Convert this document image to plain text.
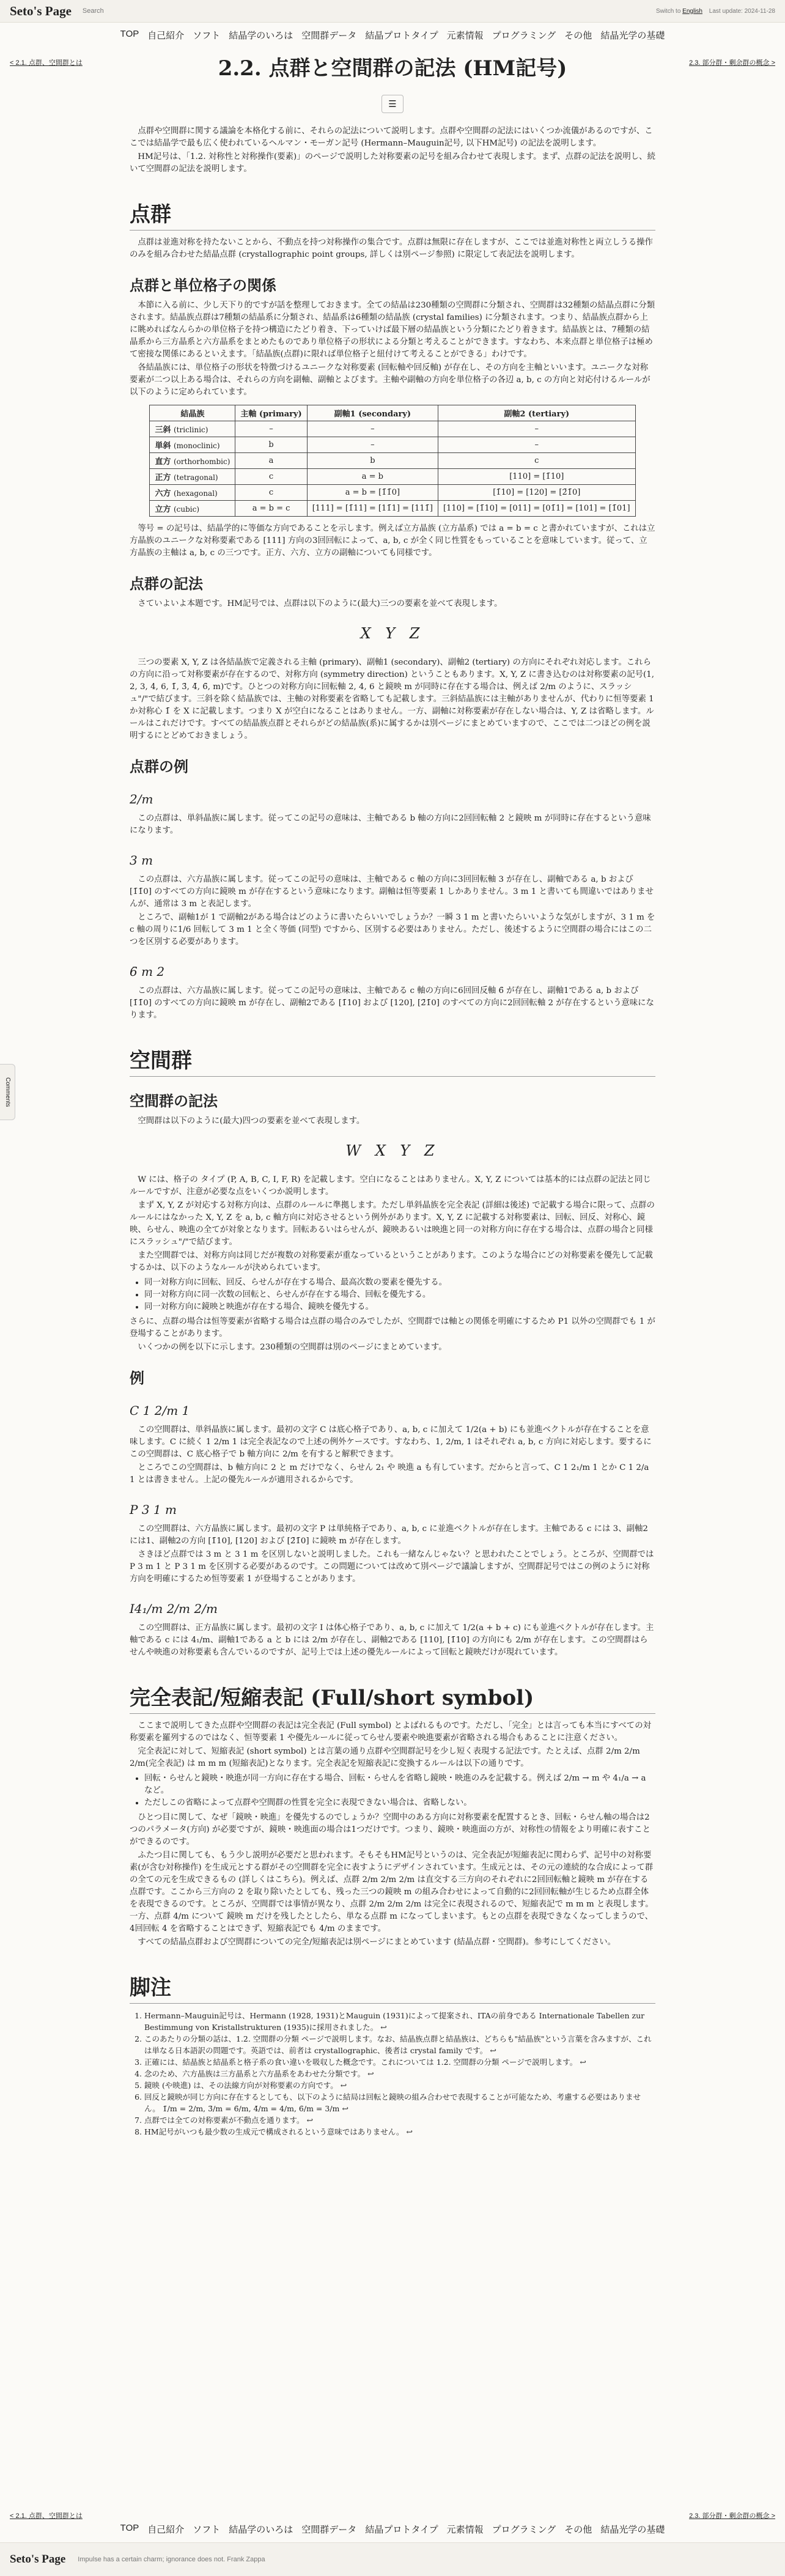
Seto's Page Search	Switch to English Last update: 2024-11-28
TOP 自己紹介 ソフト 結晶学のいろは 空間群データ 結晶プロトタイプ 元素情報 プログラミング その他 結晶光学の基礎
< 2.1. 点群、空間群とは	2.2. 点群と空間群の記法 (HM記号)
☰
2.3. 部分群・剰余群の概念 >

点群や空間群に関する議論を本格化する前に、それらの記法について説明します。点群や空間群の記法にはいくつか流儀があるのですが、ここでは結晶学で最も広く使われているヘルマン・モーガン記号 (Hermann–Mauguin記号, 以下HM記号) の記法を説明します。

HM記号は、「1.2. 対称性と対称操作(要素)」のページで説明した対称要素の記号を組み合わせて表現します。まず、点群の記法を説明し、続いて空間群の記法を説明します。

点群

点群は並進対称を持たないことから、不動点を持つ対称操作の集合です。点群は無限に存在しますが、ここでは並進対称性と両立しうる操作のみを組み合わせた結晶点群 (crystallographic point groups, 詳しくは別ページ参照) に限定して表記法を説明します。

点群と単位格子の関係

本節に入る前に、少し天下り的ですが話を整理しておきます。全ての結晶は230種類の空間群に分類され、空間群は32種類の結晶点群に分類されます。結晶族点群は7種類の結晶系に分類され、結晶系は6種類の結晶族 (crystal families) に分類されます。つまり、結晶族点群から上に眺めればなんらかの単位格子を持つ構造にたどり着き、下っていけば最下層の結晶族という分類にたどり着きます。結晶族とは、7種類の結晶系から三方晶系と六方晶系をまとめたものであり単位格子の形状による分類と考えることができます。すなわち、本来点群と単位格子は極めて密接な関係にあるといえます。「結晶族(点群)に限れば単位格子と紐付けて考えることができる」わけです。

各結晶族には、単位格子の形状を特徴づけるユニークな対称要素 (回転軸や回反軸) が存在し、その方向を主軸といいます。ユニークな対称要素が二つ以上ある場合は、それらの方向を副軸、副軸とよびます。主軸や副軸の方向を単位格子の各辺 a, b, c の方向と対応付けるルールが以下のように定められています。

結晶族	主軸 (primary)	副軸1 (secondary)	副軸2 (tertiary)
三斜 (triclinic)	–	–	–
単斜 (monoclinic)	b	–	–
直方 (orthorhombic)	a	b	c
正方 (tetragonal)	c	a = b	[110] = [1̄10]
六方 (hexagonal)	c	a = b = [1̄1̄0]	[1̄10] = [120] = [2̄1̄0]
立方 (cubic)	a = b = c	[111] = [1̄11] = [11̄1] = [111̄]	[110] = [1̄10] = [011] = [01̄1] = [101] = [1̄01]

等号 = の記号は、結晶学的に等価な方向であることを示します。例えば立方晶族 (立方晶系) では a = b = c と書かれていますが、これは立方晶族のユニークな対称要素である [111] 方向の3回回転によって、a, b, c が全く同じ性質をもっていることを意味しています。従って、立方晶族の主軸は a, b, c の三つです。正方、六方、立方の副軸についても同様です。

点群の記法

さていよいよ本題です。HM記号では、点群は以下のように(最大)三つの要素を並べて表現します。

X Y Z

三つの要素 X, Y, Z は各結晶族で定義される主軸 (primary)、副軸1 (secondary)、副軸2 (tertiary) の方向にそれぞれ対応します。これらの方向に沿って対称要素が存在するので、対称方向 (symmetry direction) ということもあります。X, Y, Z に書き込むのは対称要素の記号(1, 2, 3, 4, 6, 1̄, 3̄, 4̄, 6̄, m)です。ひとつの対称方向に回転軸 2, 4, 6 と鏡映 m が同時に存在する場合は、例えば 2/m のように、スラッシュ"/"で結びます。三斜を除く結晶族では、主軸の対称要素を省略しても記載します。三斜結晶族には主軸がありませんが、代わりに恒等要素 1 か対称心 1̄ を X に記載します。つまり X が空白になることはありません。一方、副軸に対称要素が存在しない場合は、Y, Z は省略します。ルールはこれだけです。すべての結晶族点群とそれらがどの結晶族(系)に属するかは別ページにまとめていますので、ここでは二つほどの例を説明するにとどめておきましょう。

点群の例
2/m

この点群は、単斜晶族に属します。従ってこの記号の意味は、主軸である b 軸の方向に2回回転軸 2 と鏡映 m が同時に存在するという意味になります。

3 m

この点群は、六方晶族に属します。従ってこの記号の意味は、主軸である c 軸の方向に3回回転軸 3 が存在し、副軸である a, b および [1̄1̄0] のすべての方向に鏡映 m が存在するという意味になります。副軸は恒等要素 1 しかありません。3 m 1 と書いても間違いではありませんが、通常は 3 m と表記します。

ところで、副軸1が 1 で副軸2がある場合はどのように書いたらいいでしょうか？一瞬 3 1 m と書いたらいいような気がしますが、3 1 m を c 軸の周りに1/6 回転して 3 m 1 と全く等価 (同型) ですから、区別する必要はありません。ただし、後述するように空間群の場合にはこの二つを区別する必要があります。

6̄ m 2

この点群は、六方晶族に属します。従ってこの記号の意味は、主軸である c 軸の方向に6回回反軸 6̄ が存在し、副軸1である a, b および [1̄1̄0] のすべての方向に鏡映 m が存在し、副軸2である [1̄10] および [120], [2̄1̄0] のすべての方向に2回回転軸 2 が存在するという意味になります。

空間群
空間群の記法

空間群は以下のように(最大)四つの要素を並べて表現します。

W X Y Z

W には、格子の タイプ (P, A, B, C, I, F, R) を記載します。空白になることはありません。X, Y, Z については基本的には点群の記法と同じルールですが、注意が必要な点をいくつか説明します。

まず X, Y, Z が対応する対称方向は、点群のルールに準拠します。ただし単斜晶族を完全表記 (詳細は後述) で記載する場合に限って、点群のルールにはなかった X, Y, Z を a, b, c 軸方向に対応させるという例外があります。X, Y, Z に記載する対称要素は、回転、回反、対称心、鏡映、らせん、映進の全てが対象となります。回転あるいはらせんが、鏡映あるいは映進と同一の対称方向に存在する場合は、点群の場合と同様にスラッシュ"/"で結びます。

また空間群では、対称方向は同じだが複数の対称要素が重なっているということがあります。このような場合にどの対称要素を優先して記載するかは、以下のようなルールが決められています。

• 同一対称方向に回転、回反、らせんが存在する場合、最高次数の要素を優先する。
• 同一対称方向に同一次数の回転と、らせんが存在する場合、回転を優先する。
• 同一対称方向に鏡映と映進が存在する場合、鏡映を優先する。

さらに、点群の場合は恒等要素が省略する場合は点群の場合のみでしたが、空間群では軸との関係を明確にするため P1 以外の空間群でも 1 が登場することがあります。

いくつかの例を以下に示します。230種類の空間群は別のページにまとめています。

例
C 1 2/m 1

この空間群は、単斜晶族に属します。最初の文字 C は底心格子であり、a, b, c に加えて 1/2(a + b) にも並進ベクトルが存在することを意味します。C に続く 1 2/m 1 は完全表記なので上述の例外ケースです。すなわち、1, 2/m, 1 はそれぞれ a, b, c 方向に対応します。要するにこの空間群は、C 底心格子で b 軸方向に 2/m を有すると解釈できます。

ところでこの空間群は、b 軸方向に 2 と m だけでなく、らせん 2₁ や 映進 a も有しています。だからと言って、C 1 2₁/m 1 とか C 1 2/a 1 とは書きません。上記の優先ルールが適用されるからです。

P 3 1 m

この空間群は、六方晶族に属します。最初の文字 P は単純格子であり、a, b, c に並進ベクトルが存在します。主軸である c には 3、副軸2 には1、副軸2の方向 [1̄10], [120] および [2̄1̄0] に鏡映 m が存在します。

さきほど点群では 3 m と 3 1 m を区別しないと説明しました。これも一緒なんじゃない？と思われたことでしょう。ところが、空間群では P 3 m 1 と P 3 1 m を区別する必要があるのです。この問題については改めて別ページで議論しますが、空間群記号ではこの例のように対称方向を明確にするため恒等要素 1 が登場することがあります。

I4₁/m 2/m 2/m

この空間群は、正方晶族に属します。最初の文字 I は体心格子であり、a, b, c に加えて 1/2(a + b + c) にも並進ベクトルが存在します。主軸である c には 4₁/m、副軸1である a と b には 2/m が存在し、副軸2である [110], [1̄10] の方向にも 2/m が存在します。この空間群はらせんや映進の対称要素も含んでいるのですが、記号上では上述の優先ルールによって回転と鏡映だけが現れています。

完全表記/短縮表記 (Full/short symbol)

ここまで説明してきた点群や空間群の表記は完全表記 (Full symbol) とよばれるものです。ただし、「完全」とは言っても本当にすべての対称要素を羅列するのではなく、恒等要素 1 や優先ルールに従ってらせん要素や映進要素が省略される場合もあることに注意ください。

完全表記に対して、短縮表記 (short symbol) とは言葉の通り点群や空間群記号を少し短く表現する記法です。たとえば、点群 2/m 2/m 2/m(完全表記) は m m m (短縮表記)となります。完全表記を短縮表記に変換するルールは以下の通りです。

• 回転・らせんと鏡映・映進が同一方向に存在する場合、回転・らせんを省略し鏡映・映進のみを記載する。例えば 2/m → m や 4₁/a → a など。
• ただしこの省略によって点群や空間群の性質を完全に表現できない場合は、省略しない。

ひとつ目に関して、なぜ「鏡映・映進」を優先するのでしょうか？空間中のある方向に対称要素を配置するとき、回転・らせん軸の場合は2つのパラメータ(方向) が必要ですが、鏡映・映進面の場合は1つだけです。つまり、鏡映・映進面の方が、対称性の情報をより明確に表すことができるのです。

ふたつ目に関しても、もう少し説明が必要だと思われます。そもそもHM記号というのは、完全表記が短縮表記に関わらず、記号中の対称要素(が含む対称操作) を生成元とする群がその空間群を完全に表すようにデザインされています。生成元とは、その元の連続的な合成によって群の全ての元を生成できるもの (詳しくはこちら)。例えば、点群 2/m 2/m 2/m は直交する三方向のそれぞれに2回回転軸と鏡映 m が存在する点群です。ここから三方向の 2 を取り除いたとしても、残った三つの鏡映 m の組み合わせによって自動的に2回回転軸が生じるため点群全体を表現できるのです。ところが、空間群では事情が異なり、点群 2/m 2/m 2/m は完全に表現されるので、短縮表記で m m m と表現します。一方、点群 4/m について 鏡映 m だけを残したとしたら、単なる点群 m になってしまいます。もとの点群を表現できなくなってしまうので、4回回転 4 を省略することはできず、短縮表記でも 4/m のままです。

すべての結晶点群および空間群についての完全/短縮表記は別ページにまとめています (結晶点群・空間群)。参考にしてください。

脚注
1. Hermann–Mauguin記号は、Hermann (1928, 1931)とMauguin (1931)によって提案され、ITAの前身である Internationale Tabellen zur Bestimmung von Kristallstrukturen (1935)に採用されました。 ↩
2. このあたりの分類の話は、1.2. 空間群の分類 ページで説明します。なお、結晶族点群と結晶族は、どちらも"結晶族"という言葉を含みますが、これは単なる日本語訳の問題です。英語では、前者は crystallographic、後者は crystal family です。 ↩
3. 正確には、結晶族と結晶系と格子系の食い違いを吸収した概念です。これについては 1.2. 空間群の分類 ページで説明します。 ↩
4. 念のため、六方晶族は三方晶系と六方晶系をあわせた分類です。 ↩
5. 鏡映 (や映進) は、その法線方向が対称要素の方向です。 ↩
6. 回反と鏡映が同じ方向に存在するとしても、以下のように結局は回転と鏡映の組み合わせで表現することが可能なため、考慮する必要はありません。 1̄/m = 2/m, 3̄/m = 6̄/m, 4̄/m = 4/m, 6̄/m = 3/m ↩
7. 点群では全ての対称要素が不動点を通ります。 ↩
8. HM記号がいつも最少数の生成元で構成されるという意味ではありません。 ↩
Comments
< 2.1. 点群、空間群とは	2.3. 部分群・剰余群の概念 >
TOP 自己紹介 ソフト 結晶学のいろは 空間群データ 結晶プロトタイプ 元素情報 プログラミング その他 結晶光学の基礎
Seto's Page Impulse has a certain charm; ignorance does not. Frank Zappa
